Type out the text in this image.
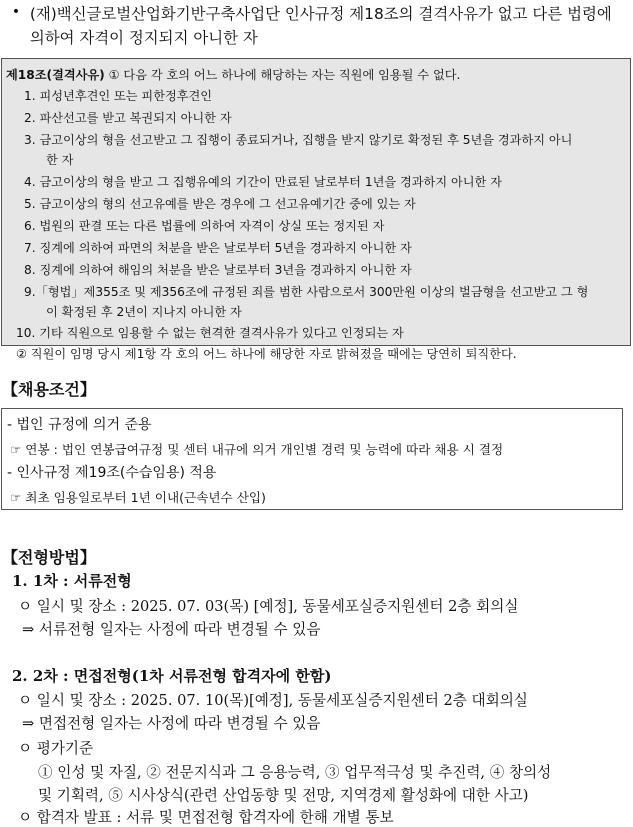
• (재)백신글로벌산업화기반구축사업단 인사규정 제18조의 결격사유가 없고 다른 법령에
의하여 자격이 정지되지 아니한 자
제18조(결격사유) ① 다음 각 호의 어느 하나에 해당하는 자는 직원에 임용될 수 없다.
1. 피성년후견인 또는 피한정후견인
2. 파산선고를 받고 복권되지 아니한 자
3. 금고이상의 형을 선고받고 그 집행이 종료되거나, 집행을 받지 않기로 확정된 후 5년을 경과하지 아니
한 자
4. 금고이상의 형을 받고 그 집행유예의 기간이 만료된 날로부터 1년을 경과하지 아니한 자
5. 금고이상의 형의 선고유예를 받은 경우에 그 선고유예기간 중에 있는 자
6. 법원의 판결 또는 다른 법률에 의하여 자격이 상실 또는 정지된 자
7. 징계에 의하여 파면의 처분을 받은 날로부터 5년을 경과하지 아니한 자
8. 징계에 의하여 해임의 처분을 받은 날로부터 3년을 경과하지 아니한 자
9.「형법」제355조 및 제356조에 규정된 죄를 범한 사람으로서 300만원 이상의 벌금형을 선고받고 그 형
이 확정된 후 2년이 지나지 아니한 자
10. 기타 직원으로 임용할 수 없는 현격한 결격사유가 있다고 인정되는 자
② 직원이 임명 당시 제1항 각 호의 어느 하나에 해당한 자로 밝혀졌을 때에는 당연히 퇴직한다.
【채용조건】
- 법인 규정에 의거 준용
☞ 연봉 : 법인 연봉급여규정 및 센터 내규에 의거 개인별 경력 및 능력에 따라 채용 시 결정
- 인사규정 제19조(수습임용) 적용
☞ 최초 임용일로부터 1년 이내(근속년수 산입)
【전형방법】
1. 1차 : 서류전형
ㅇ 일시 및 장소 : 2025. 07. 03(목) [예정], 동물세포실증지원센터 2층 회의실
⇒ 서류전형 일자는 사정에 따라 변경될 수 있음
2. 2차 : 면접전형(1차 서류전형 합격자에 한함)
ㅇ 일시 및 장소 : 2025. 07. 10(목)[예정], 동물세포실증지원센터 2층 대회의실
⇒ 면접전형 일자는 사정에 따라 변경될 수 있음
ㅇ 평가기준
① 인성 및 자질, ② 전문지식과 그 응용능력, ③ 업무적극성 및 추진력, ④ 창의성
및 기획력, ⑤ 시사상식(관련 산업동향 및 전망, 지역경제 활성화에 대한 사고)
ㅇ 합격자 발표 : 서류 및 면접전형 합격자에 한해 개별 통보
